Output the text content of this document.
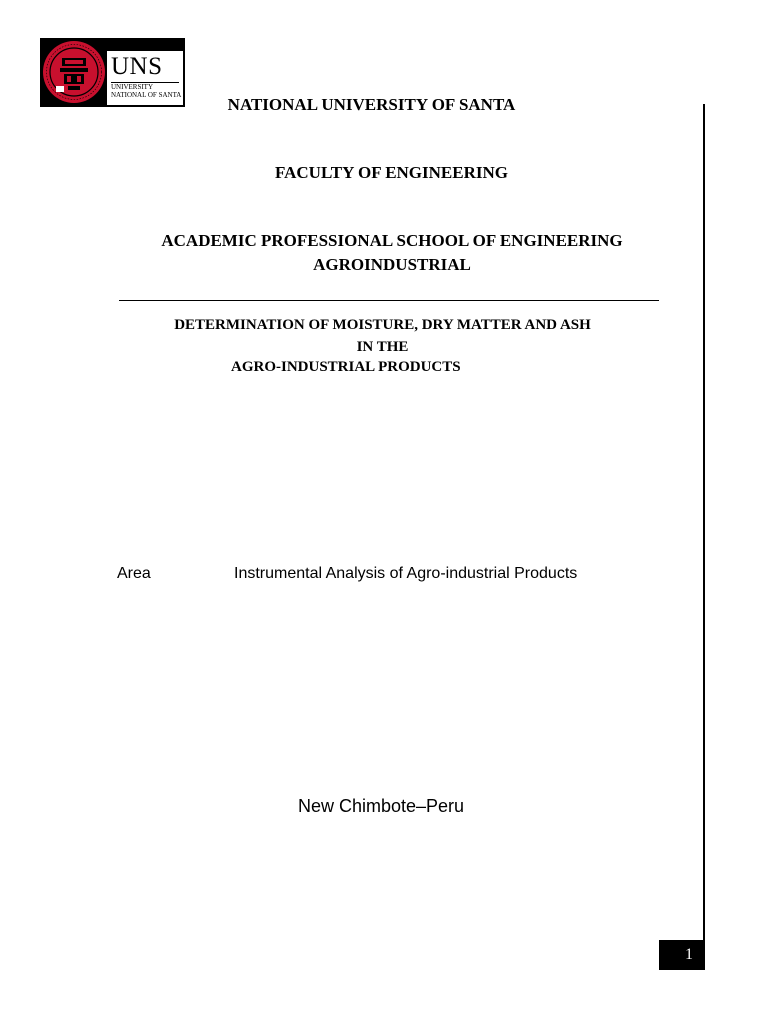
UNS
UNIVERSITY
NATIONAL OF SANTA
NATIONAL UNIVERSITY OF SANTA
FACULTY OF ENGINEERING
ACADEMIC PROFESSIONAL SCHOOL OF ENGINEERING
AGROINDUSTRIAL
DETERMINATION OF MOISTURE, DRY MATTER AND ASH
IN THE
AGRO-INDUSTRIAL PRODUCTS
Area	Instrumental Analysis of Agro-industrial Products
New Chimbote–Peru
1
